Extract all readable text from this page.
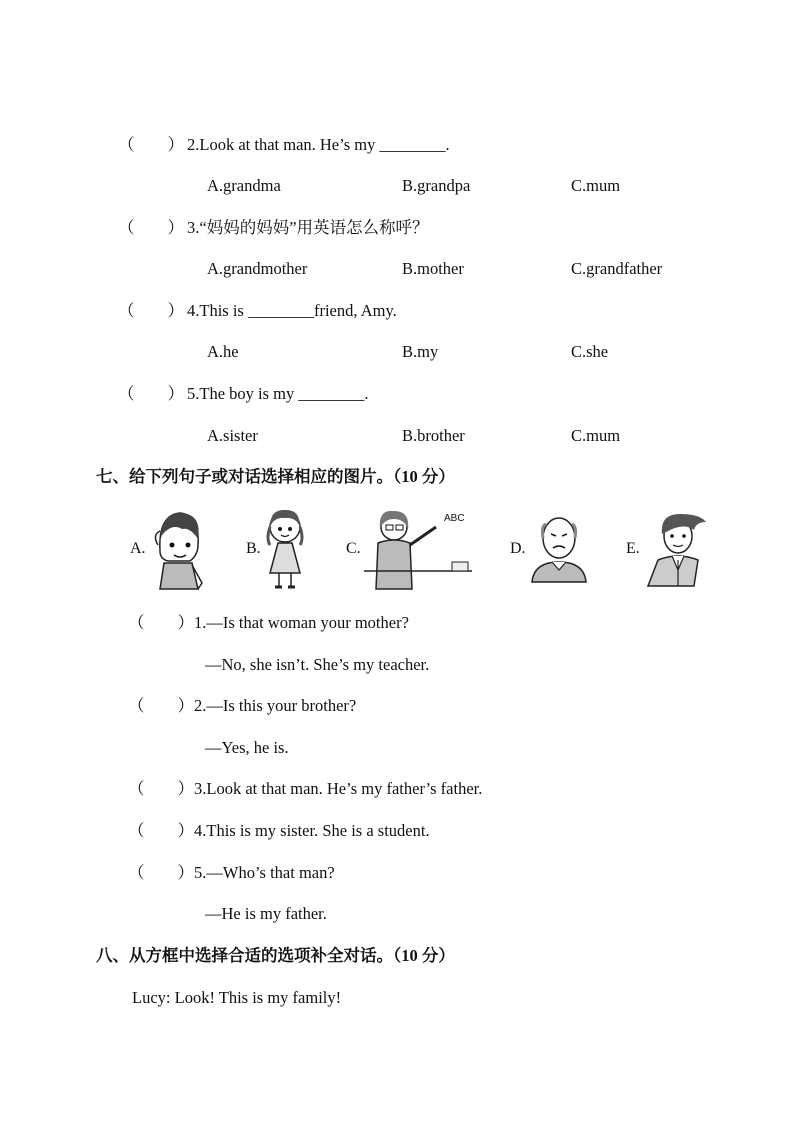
（　　） 2.Look at that man. He’s my ________.
A.grandma	B.grandpa	C.mum
（　　） 3.“妈妈的妈妈”用英语怎么称呼？
A.grandmother	B.mother	C.grandfather
（　　） 4.This is ________friend, Amy.
A.he	B.my	C.she
（　　） 5.The boy is my ________.
A.sister	B.brother	C.mum
七、给下列句子或对话选择相应的图片。（10 分）
A.	B.	C.
ABC
D.	E.
（　　）1.—Is that woman your mother?
—No, she isn’t. She’s my teacher.
（　　）2.—Is this your brother?
—Yes, he is.
（　　）3.Look at that man. He’s my father’s father.
（　　）4.This is my sister. She is a student.
（　　）5.—Who’s that man?
—He is my father.
八、从方框中选择合适的选项补全对话。（10 分）
Lucy: Look! This is my family!
